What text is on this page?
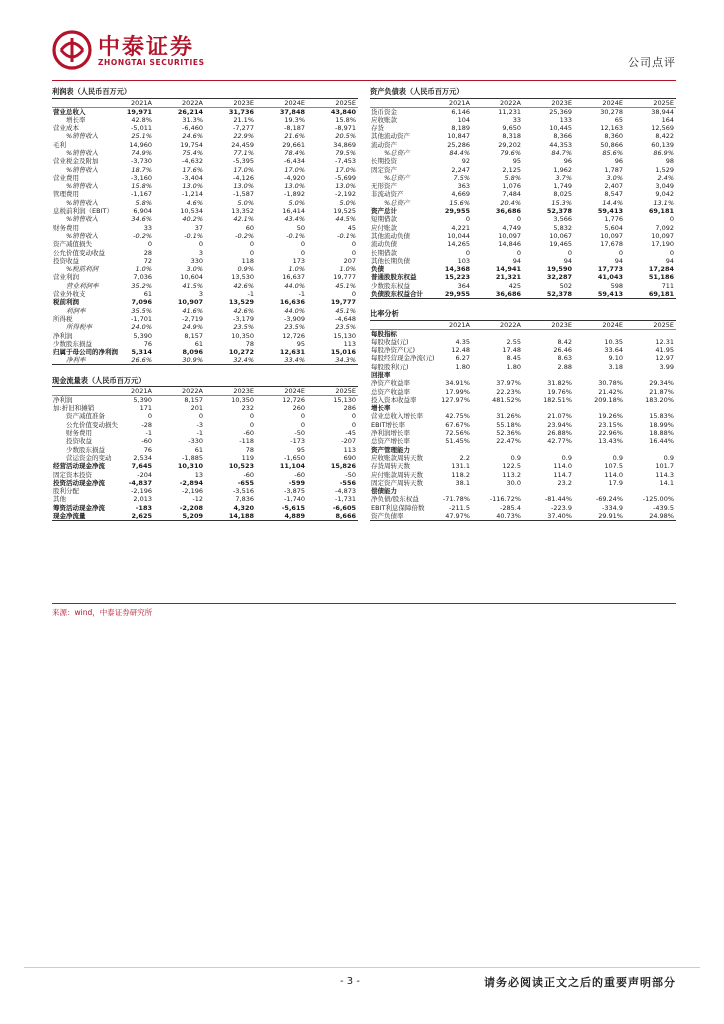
中泰证券
ZHONGTAI SECURITIES	公司点评
利润表（人民币百万元）					
	2021A	2022A	2023E	2024E	2025E
营业总收入	19,971	26,214	31,736	37,848	43,840
增长率	42.8%	31.3%	21.1%	19.3%	15.8%
营业成本	-5,011	-6,460	-7,277	-8,187	-8,971
%销售收入	25.1%	24.6%	22.9%	21.6%	20.5%
毛利	14,960	19,754	24,459	29,661	34,869
%销售收入	74.9%	75.4%	77.1%	78.4%	79.5%
营业税金及附加	-3,730	-4,632	-5,395	-6,434	-7,453
%销售收入	18.7%	17.6%	17.0%	17.0%	17.0%
营业费用	-3,160	-3,404	-4,126	-4,920	-5,699
%销售收入	15.8%	13.0%	13.0%	13.0%	13.0%
管理费用	-1,167	-1,214	-1,587	-1,892	-2,192
%销售收入	5.8%	4.6%	5.0%	5.0%	5.0%
息税前利润（EBIT）	6,904	10,534	13,352	16,414	19,525
%销售收入	34.6%	40.2%	42.1%	43.4%	44.5%
财务费用	33	37	60	50	45
%销售收入	-0.2%	-0.1%	-0.2%	-0.1%	-0.1%
资产减值损失	0	0	0	0	0
公允价值变动收益	28	3	0	0	0
投资收益	72	330	118	173	207
%税前利润	1.0%	3.0%	0.9%	1.0%	1.0%
营业利润	7,036	10,604	13,530	16,637	19,777
营业利润率	35.2%	41.5%	42.6%	44.0%	45.1%
营业外收支	61	3	-1	-1	0
税前利润	7,096	10,907	13,529	16,636	19,777
利润率	35.5%	41.6%	42.6%	44.0%	45.1%
所得税	-1,701	-2,719	-3,179	-3,909	-4,648
所得税率	24.0%	24.9%	23.5%	23.5%	23.5%
净利润	5,390	8,157	10,350	12,726	15,130
少数股东损益	76	61	78	95	113
归属于母公司的净利润	5,314	8,096	10,272	12,631	15,016
净利率	26.6%	30.9%	32.4%	33.4%	34.3%
现金流量表（人民币百万元）					
	2021A	2022A	2023E	2024E	2025E
净利润	5,390	8,157	10,350	12,726	15,130
加:折旧和摊销	171	201	232	260	286
资产减值准备	0	0	0	0	0
公允价值变动损失	-28	-3	0	0	0
财务费用	-1	-1	-60	-50	-45
投资收益	-60	-330	-118	-173	-207
少数股东损益	76	61	78	95	113
营运资金的变动	2,534	-1,885	119	-1,650	690
经营活动现金净流	7,645	10,310	10,523	11,104	15,826
固定资本投资	-204	13	-60	-60	-50
投资活动现金净流	-4,837	-2,894	-655	-599	-556
股利分配	-2,196	-2,196	-3,516	-3,875	-4,873
其他	2,013	-12	7,836	-1,740	-1,731
筹资活动现金净流	-183	-2,208	4,320	-5,615	-6,605
现金净流量	2,625	5,209	14,188	4,889	8,666
资产负债表（人民币百万元）					
	2021A	2022A	2023E	2024E	2025E
货币资金	6,146	11,231	25,369	30,278	38,944
应收账款	104	33	133	65	164
存货	8,189	9,650	10,445	12,163	12,569
其他流动资产	10,847	8,318	8,366	8,360	8,422
流动资产	25,286	29,202	44,353	50,866	60,139
%总资产	84.4%	79.6%	84.7%	85.6%	86.9%
长期投资	92	95	96	96	98
固定资产	2,247	2,125	1,962	1,787	1,529
%总资产	7.5%	5.8%	3.7%	3.0%	2.4%
无形资产	363	1,076	1,749	2,407	3,049
非流动资产	4,669	7,484	8,025	8,547	9,042
%总资产	15.6%	20.4%	15.3%	14.4%	13.1%
资产总计	29,955	36,686	52,378	59,413	69,181
短期借款	0	0	3,566	1,776	0
应付账款	4,221	4,749	5,832	5,604	7,092
其他流动负债	10,044	10,097	10,067	10,097	10,097
流动负债	14,265	14,846	19,465	17,678	17,190
长期借款	0	0	0	0	0
其他长期负债	103	94	94	94	94
负债	14,368	14,941	19,590	17,773	17,284
普通股股东权益	15,223	21,321	32,287	41,043	51,186
少数股东权益	364	425	502	598	711
负债股东权益合计	29,955	36,686	52,378	59,413	69,181
比率分析					
	2021A	2022A	2023E	2024E	2025E
每股指标					
每股收益(元)	4.35	2.55	8.42	10.35	12.31
每股净资产(元)	12.48	17.48	26.46	33.64	41.95
每股经营现金净流(元)	6.27	8.45	8.63	9.10	12.97
每股股利(元)	1.80	1.80	2.88	3.18	3.99
回报率					
净资产收益率	34.91%	37.97%	31.82%	30.78%	29.34%
总资产收益率	17.99%	22.23%	19.76%	21.42%	21.87%
投入资本收益率	127.97%	481.52%	182.51%	209.18%	183.20%
增长率					
营业总收入增长率	42.75%	31.26%	21.07%	19.26%	15.83%
EBIT增长率	67.67%	55.18%	23.94%	23.15%	18.99%
净利润增长率	72.56%	52.36%	26.88%	22.96%	18.88%
总资产增长率	51.45%	22.47%	42.77%	13.43%	16.44%
资产管理能力					
应收账款周转天数	2.2	0.9	0.9	0.9	0.9
存货周转天数	131.1	122.5	114.0	107.5	101.7
应付账款周转天数	118.2	113.2	114.7	114.0	114.3
固定资产周转天数	38.1	30.0	23.2	17.9	14.1
偿债能力					
净负债/股东权益	-71.78%	-116.72%	-81.44%	-69.24%	-125.00%
EBIT利息保障倍数	-211.5	-285.4	-223.9	-334.9	-439.5
资产负债率	47.97%	40.73%	37.40%	29.91%	24.98%
来源：wind，中泰证券研究所
- 3 -	请务必阅读正文之后的重要声明部分
